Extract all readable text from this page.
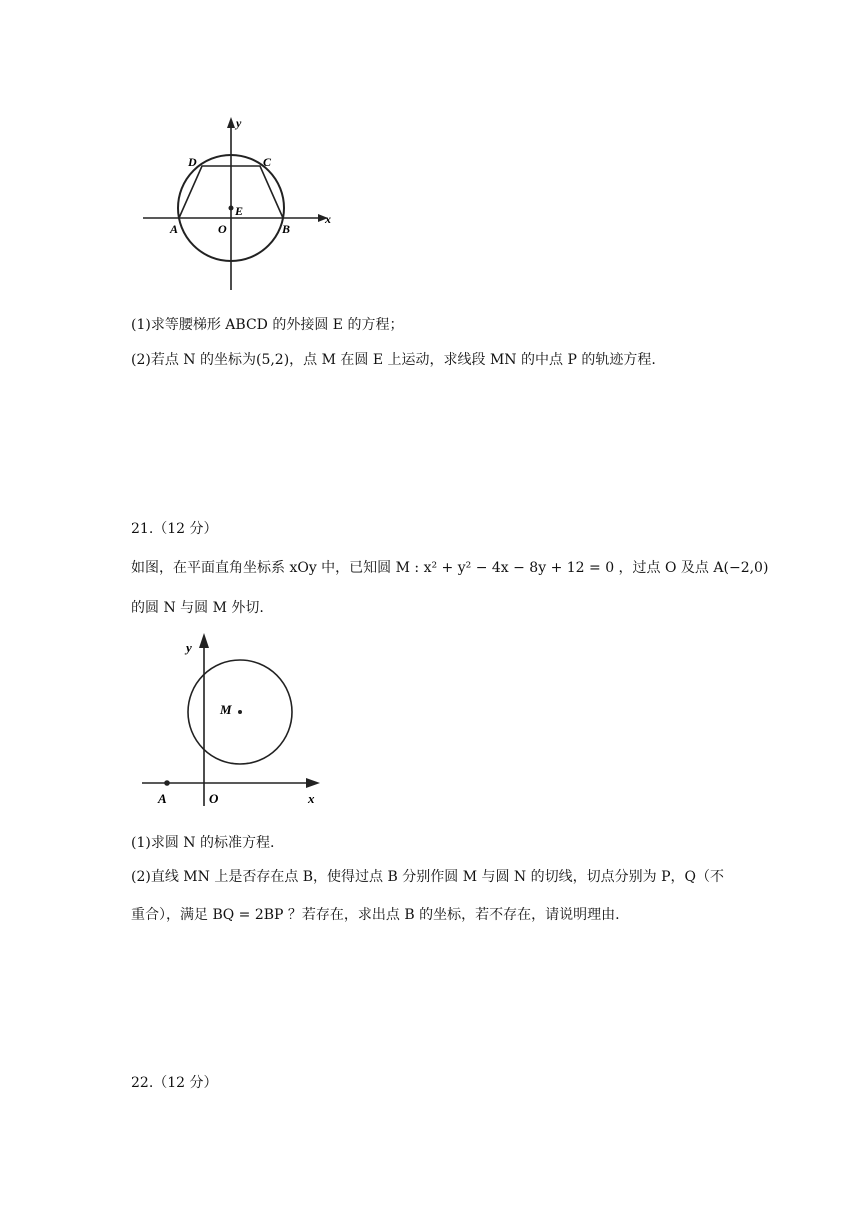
y
x
D	C
E
A	O	B
(1)求等腰梯形 ABCD 的外接圆 E 的方程；
(2)若点 N 的坐标为(5,2)，点 M 在圆 E 上运动，求线段 MN 的中点 P 的轨迹方程.
21.（12 分）
如图，在平面直角坐标系 xOy 中，已知圆 M : x² + y² − 4x − 8y + 12 = 0 ，过点 O 及点 A(−2,0)
的圆 N 与圆 M 外切.
y
M
A	O	x
(1)求圆 N 的标准方程.
(2)直线 MN 上是否存在点 B，使得过点 B 分别作圆 M 与圆 N 的切线，切点分别为 P，Q（不
重合），满足 BQ = 2BP ？若存在，求出点 B 的坐标，若不存在，请说明理由.
22.（12 分）
